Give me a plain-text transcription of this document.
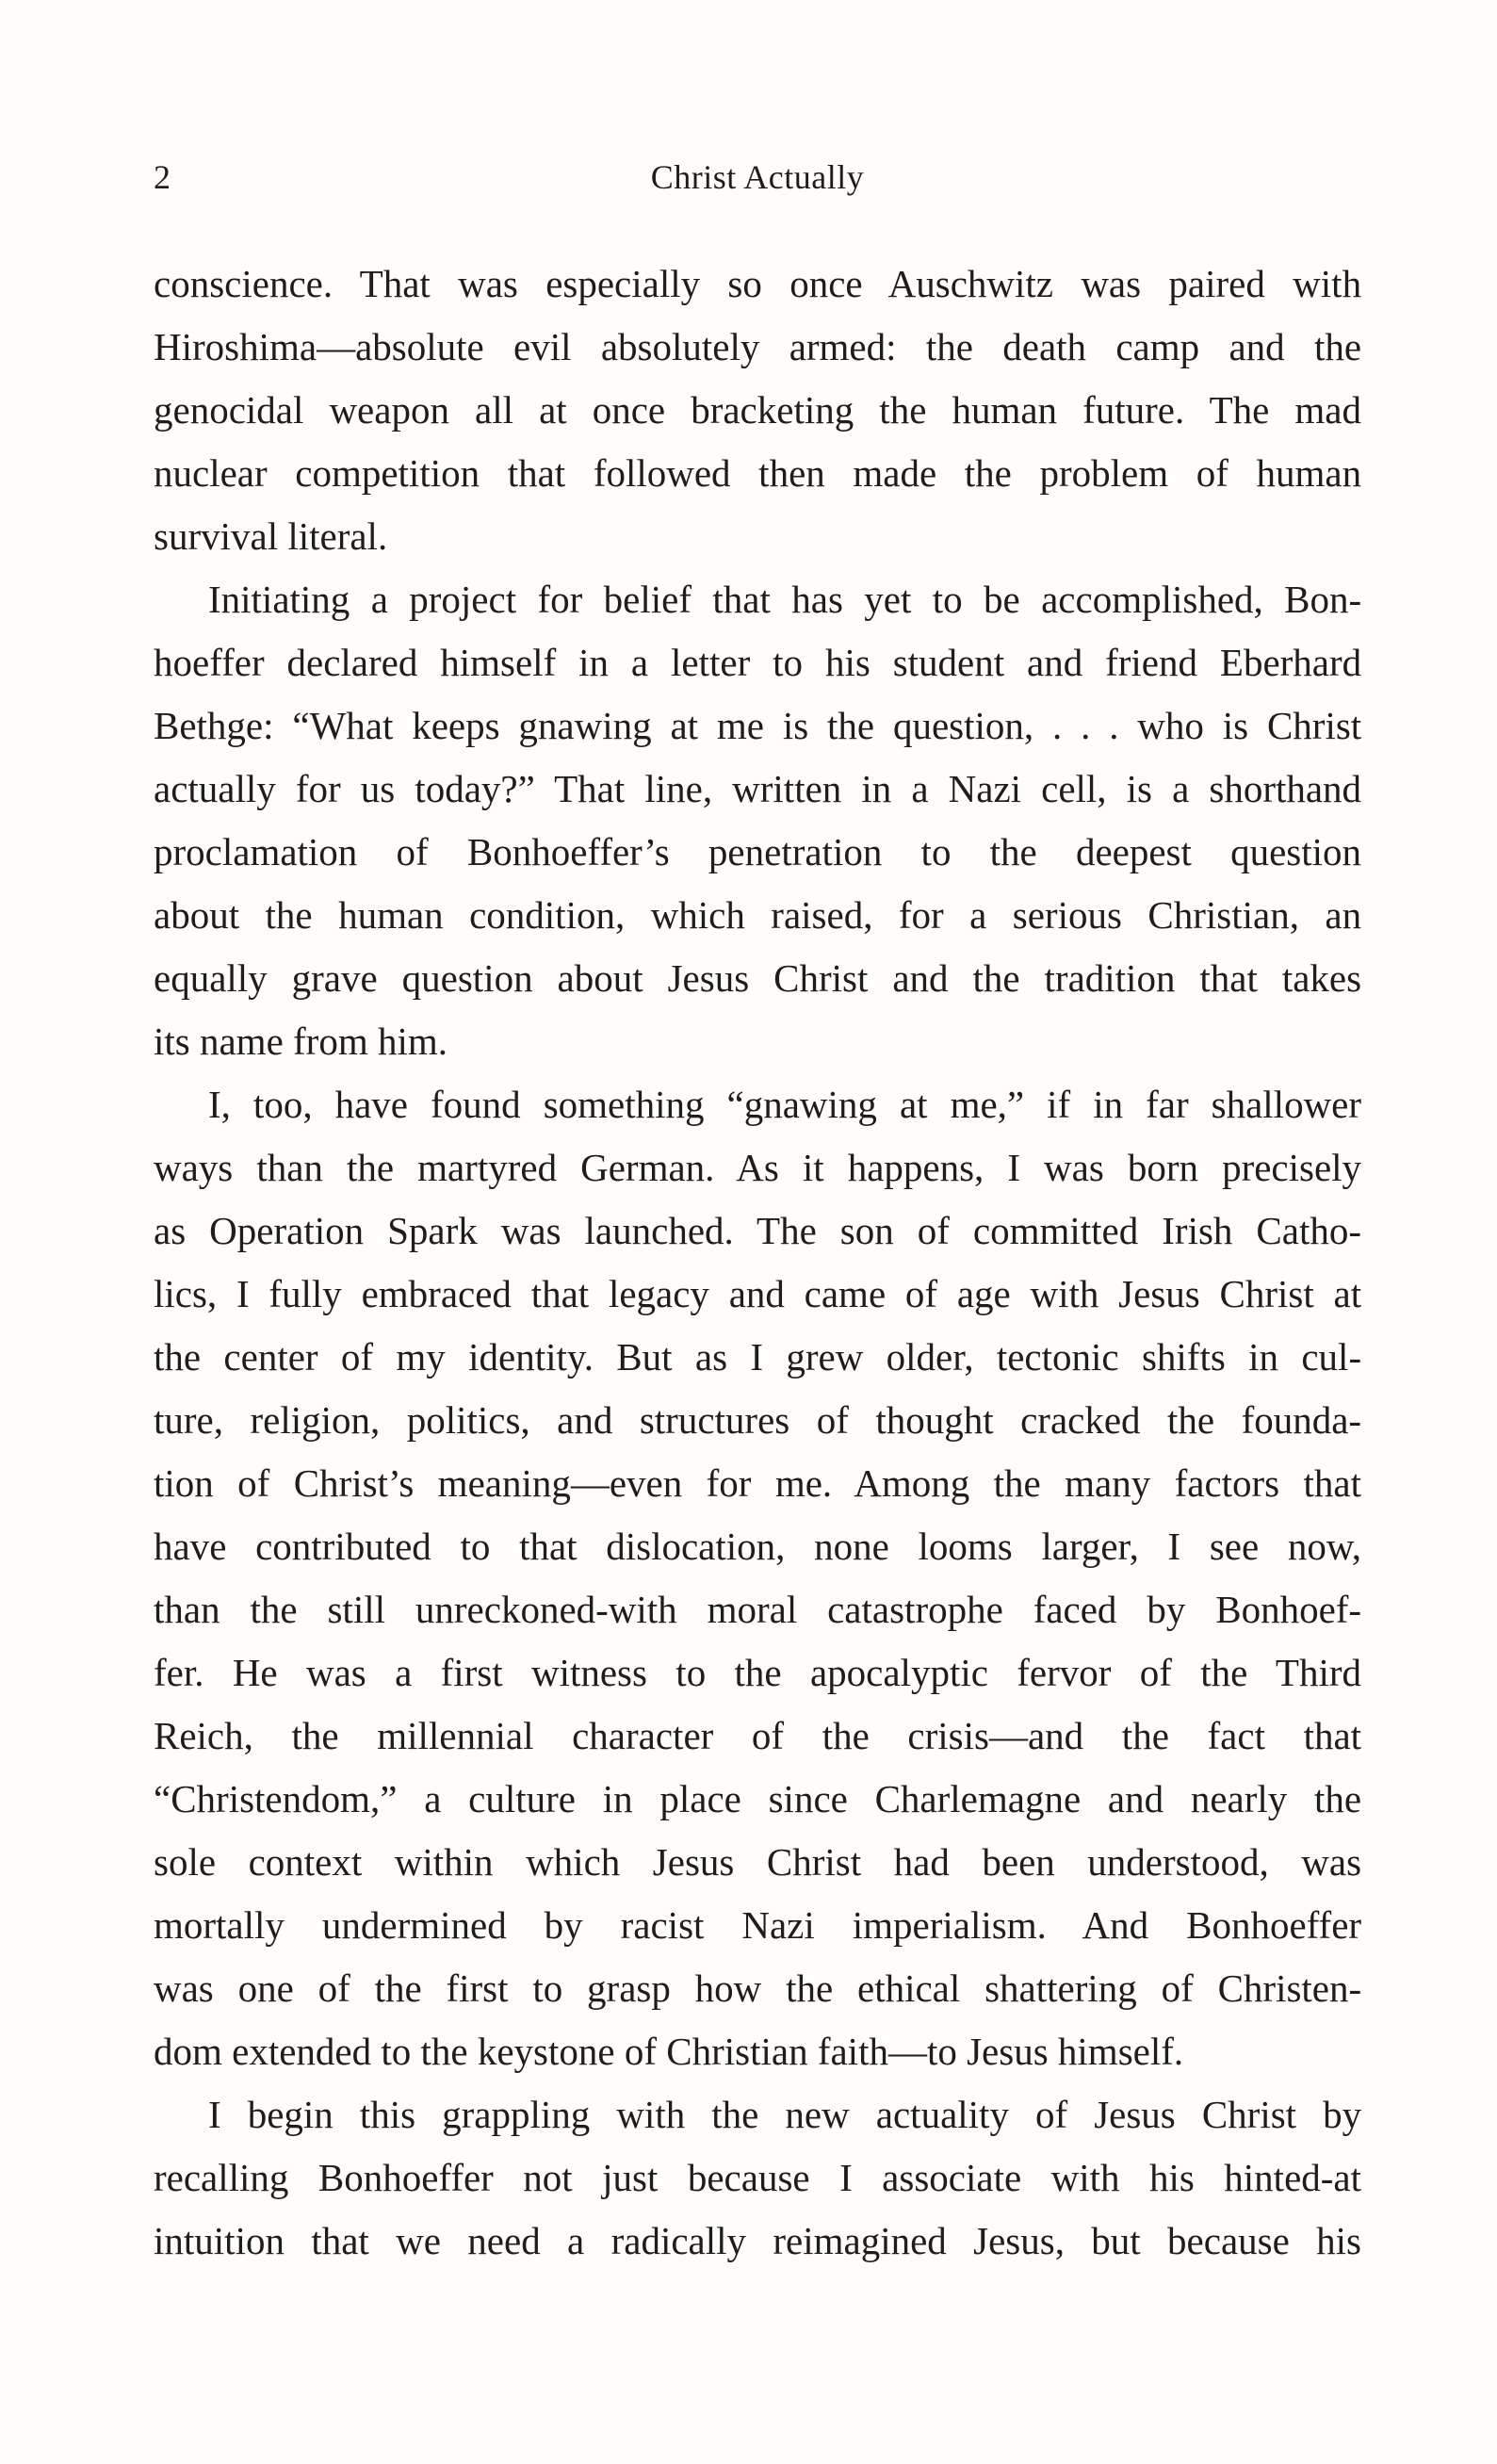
2	Christ Actually
conscience. That was especially so once Auschwitz was paired with
Hiroshima—absolute evil absolutely armed: the death camp and the
genocidal weapon all at once bracketing the human future. The mad
nuclear competition that followed then made the problem of human
survival literal.
Initiating a project for belief that has yet to be accomplished, Bon-
hoeffer declared himself in a letter to his student and friend Eberhard
Bethge: “What keeps gnawing at me is the question, . . . who is Christ
actually for us today?” That line, written in a Nazi cell, is a shorthand
proclamation of Bonhoeffer’s penetration to the deepest question
about the human condition, which raised, for a serious Christian, an
equally grave question about Jesus Christ and the tradition that takes
its name from him.
I, too, have found something “gnawing at me,” if in far shallower
ways than the martyred German. As it happens, I was born precisely
as Operation Spark was launched. The son of committed Irish Catho-
lics, I fully embraced that legacy and came of age with Jesus Christ at
the center of my identity. But as I grew older, tectonic shifts in cul-
ture, religion, politics, and structures of thought cracked the founda-
tion of Christ’s meaning—even for me. Among the many factors that
have contributed to that dislocation, none looms larger, I see now,
than the still unreckoned-with moral catastrophe faced by Bonhoef-
fer. He was a first witness to the apocalyptic fervor of the Third
Reich, the millennial character of the crisis—and the fact that
“Christendom,” a culture in place since Charlemagne and nearly the
sole context within which Jesus Christ had been understood, was
mortally undermined by racist Nazi imperialism. And Bonhoeffer
was one of the first to grasp how the ethical shattering of Christen-
dom extended to the keystone of Christian faith—to Jesus himself.
I begin this grappling with the new actuality of Jesus Christ by
recalling Bonhoeffer not just because I associate with his hinted-at
intuition that we need a radically reimagined Jesus, but because his
